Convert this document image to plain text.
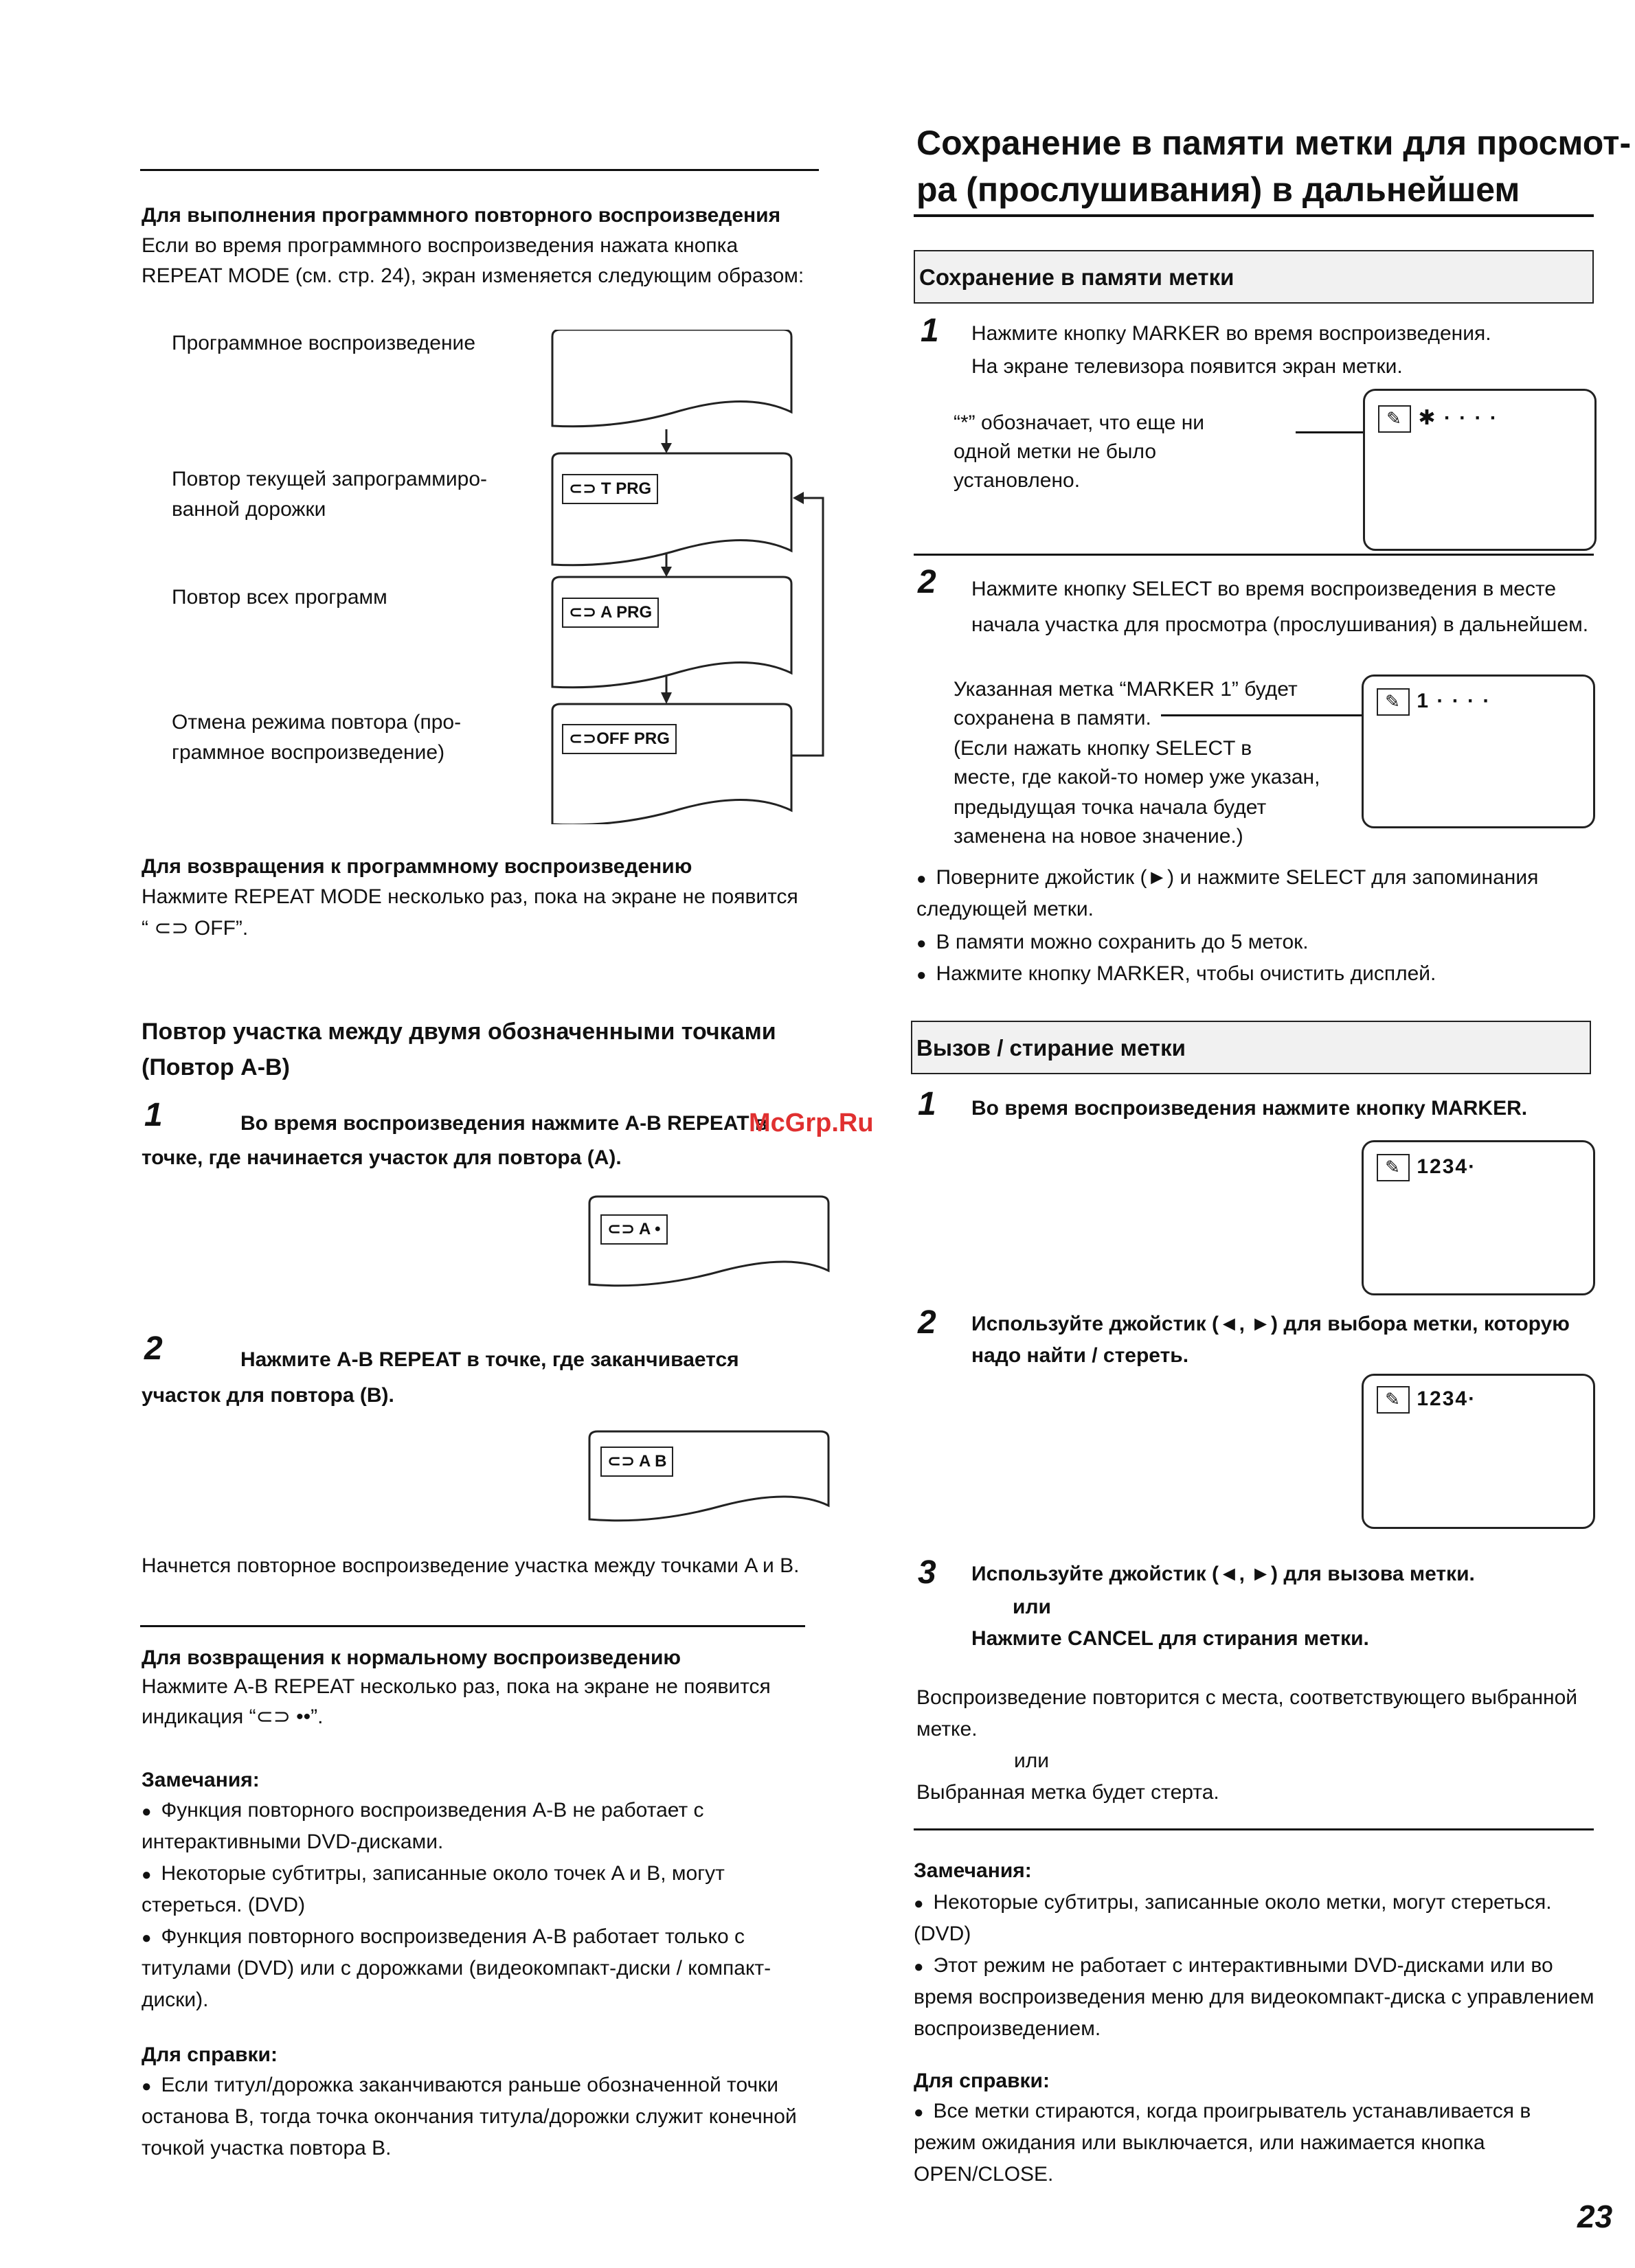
Для выполнения программного повторного воспроизведения
Если во время программного воспроизведения нажата кнопка
REPEAT MODE (см. стр. 24), экран изменяется следующим образом:
Программное воспроизведение
Повтор текущей запрограммиро-
ванной дорожки
Повтор всех программ
Отмена режима повтора (про-
граммное воспроизведение)
⊂⊃ T PRG
⊂⊃ A PRG
⊂⊃OFF PRG
Для возвращения к программному воспроизведению
Нажмите REPEAT MODE несколько раз, пока на экране не появится
“ ⊂⊃ OFF”.
Повтор участка между двумя обозначенными точками
(Повтор A-B)
1	Во время воспроизведения нажмите A-B REPEAT в
точке, где начинается участок для повтора (A).
McGrp.Ru
⊂⊃ A •
2	Нажмите A-B REPEAT в точке, где заканчивается
участок для повтора (B).
⊂⊃ A B
Начнется повторное воспроизведение участка между точками A и B.
Для возвращения к нормальному воспроизведению
Нажмите A-B REPEAT несколько раз, пока на экране не появится
индикация “⊂⊃ ••”.
Замечания:
● Функция повторного воспроизведения A-B не работает с
интерактивными DVD-дисками.
● Некоторые субтитры, записанные около точек A и B, могут
стереться. (DVD)
● Функция повторного воспроизведения A-B работает только с
титулами (DVD) или с дорожками (видеокомпакт-диски / компакт-
диски).
Для справки:
● Если титул/дорожка заканчиваются раньше обозначенной точки
останова B, тогда точка окончания титула/дорожки служит конечной
точкой участка повтора B.
Сохранение в памяти метки для просмот-
ра (прослушивания) в дальнейшем
Сохранение в памяти метки
1 Нажмите кнопку MARKER во время воспроизведения.
На экране телевизора появится экран метки.
“*” обозначает, что еще ни
одной метки не было
установлено.
✎ ✱ · · · ·
2 Нажмите кнопку SELECT во время воспроизведения в месте
начала участка для просмотра (прослушивания) в дальнейшем.
Указанная метка “MARKER 1” будет
сохранена в памяти.
(Если нажать кнопку SELECT в
месте, где какой-то номер уже указан,
предыдущая точка начала будет
заменена на новое значение.)
✎ 1 · · · ·
● Поверните джойстик (►) и нажмите SELECT для запоминания
следующей метки.
● В памяти можно сохранить до 5 меток.
● Нажмите кнопку MARKER, чтобы очистить дисплей.
Вызов / стирание метки
1 Во время воспроизведения нажмите кнопку MARKER.
✎ 1234·
2 Используйте джойстик (◄, ►) для выбора метки, которую
надо найти / стереть.
✎ 1234·
3 Используйте джойстик (◄, ►) для вызова метки.
или
Нажмите CANCEL для стирания метки.
Воспроизведение повторится с места, соответствующего выбранной
метке.
или
Выбранная метка будет стерта.
Замечания:
● Некоторые субтитры, записанные около метки, могут стереться.
(DVD)
● Этот режим не работает с интерактивными DVD-дисками или во
время воспроизведения меню для видеокомпакт-диска с управлением
воспроизведением.
Для справки:
● Все метки стираются, когда проигрыватель устанавливается в
режим ожидания или выключается, или нажимается кнопка
OPEN/CLOSE.
23
